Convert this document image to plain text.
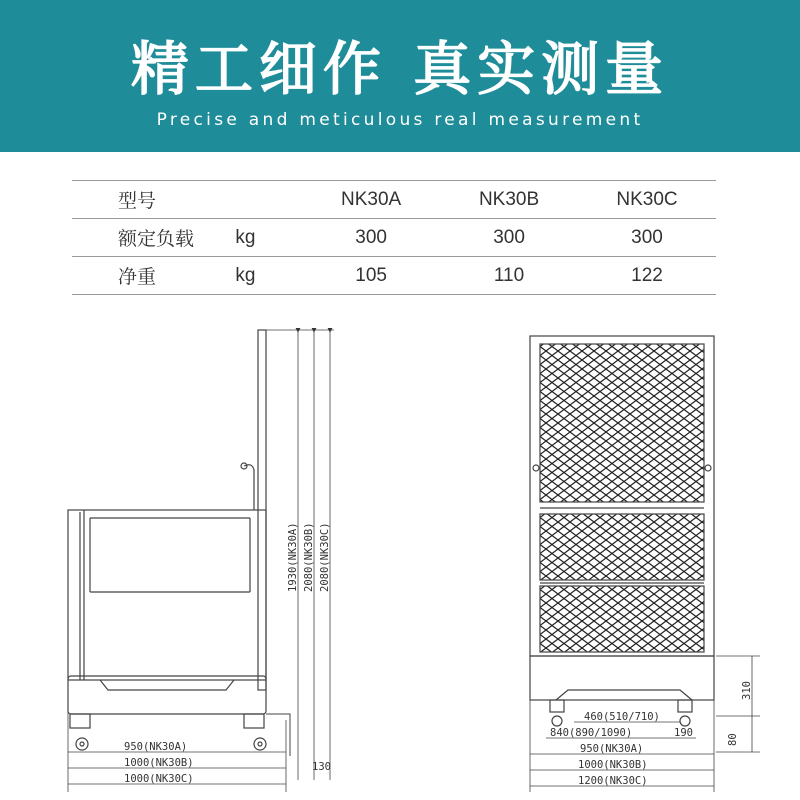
精工细作 真实测量
Precise and meticulous real measurement
型号		NK30A	NK30B	NK30C
额定负载	kg	300	300	300
净重	kg	105	110	122
1930(NK30A) 2080(NK30B) 2080(NK30C)
950(NK30A)
1000(NK30B)
1000(NK30C)
130
310
80
460(510/710)
840(890/1090)	190
950(NK30A)
1000(NK30B)
1200(NK30C)
